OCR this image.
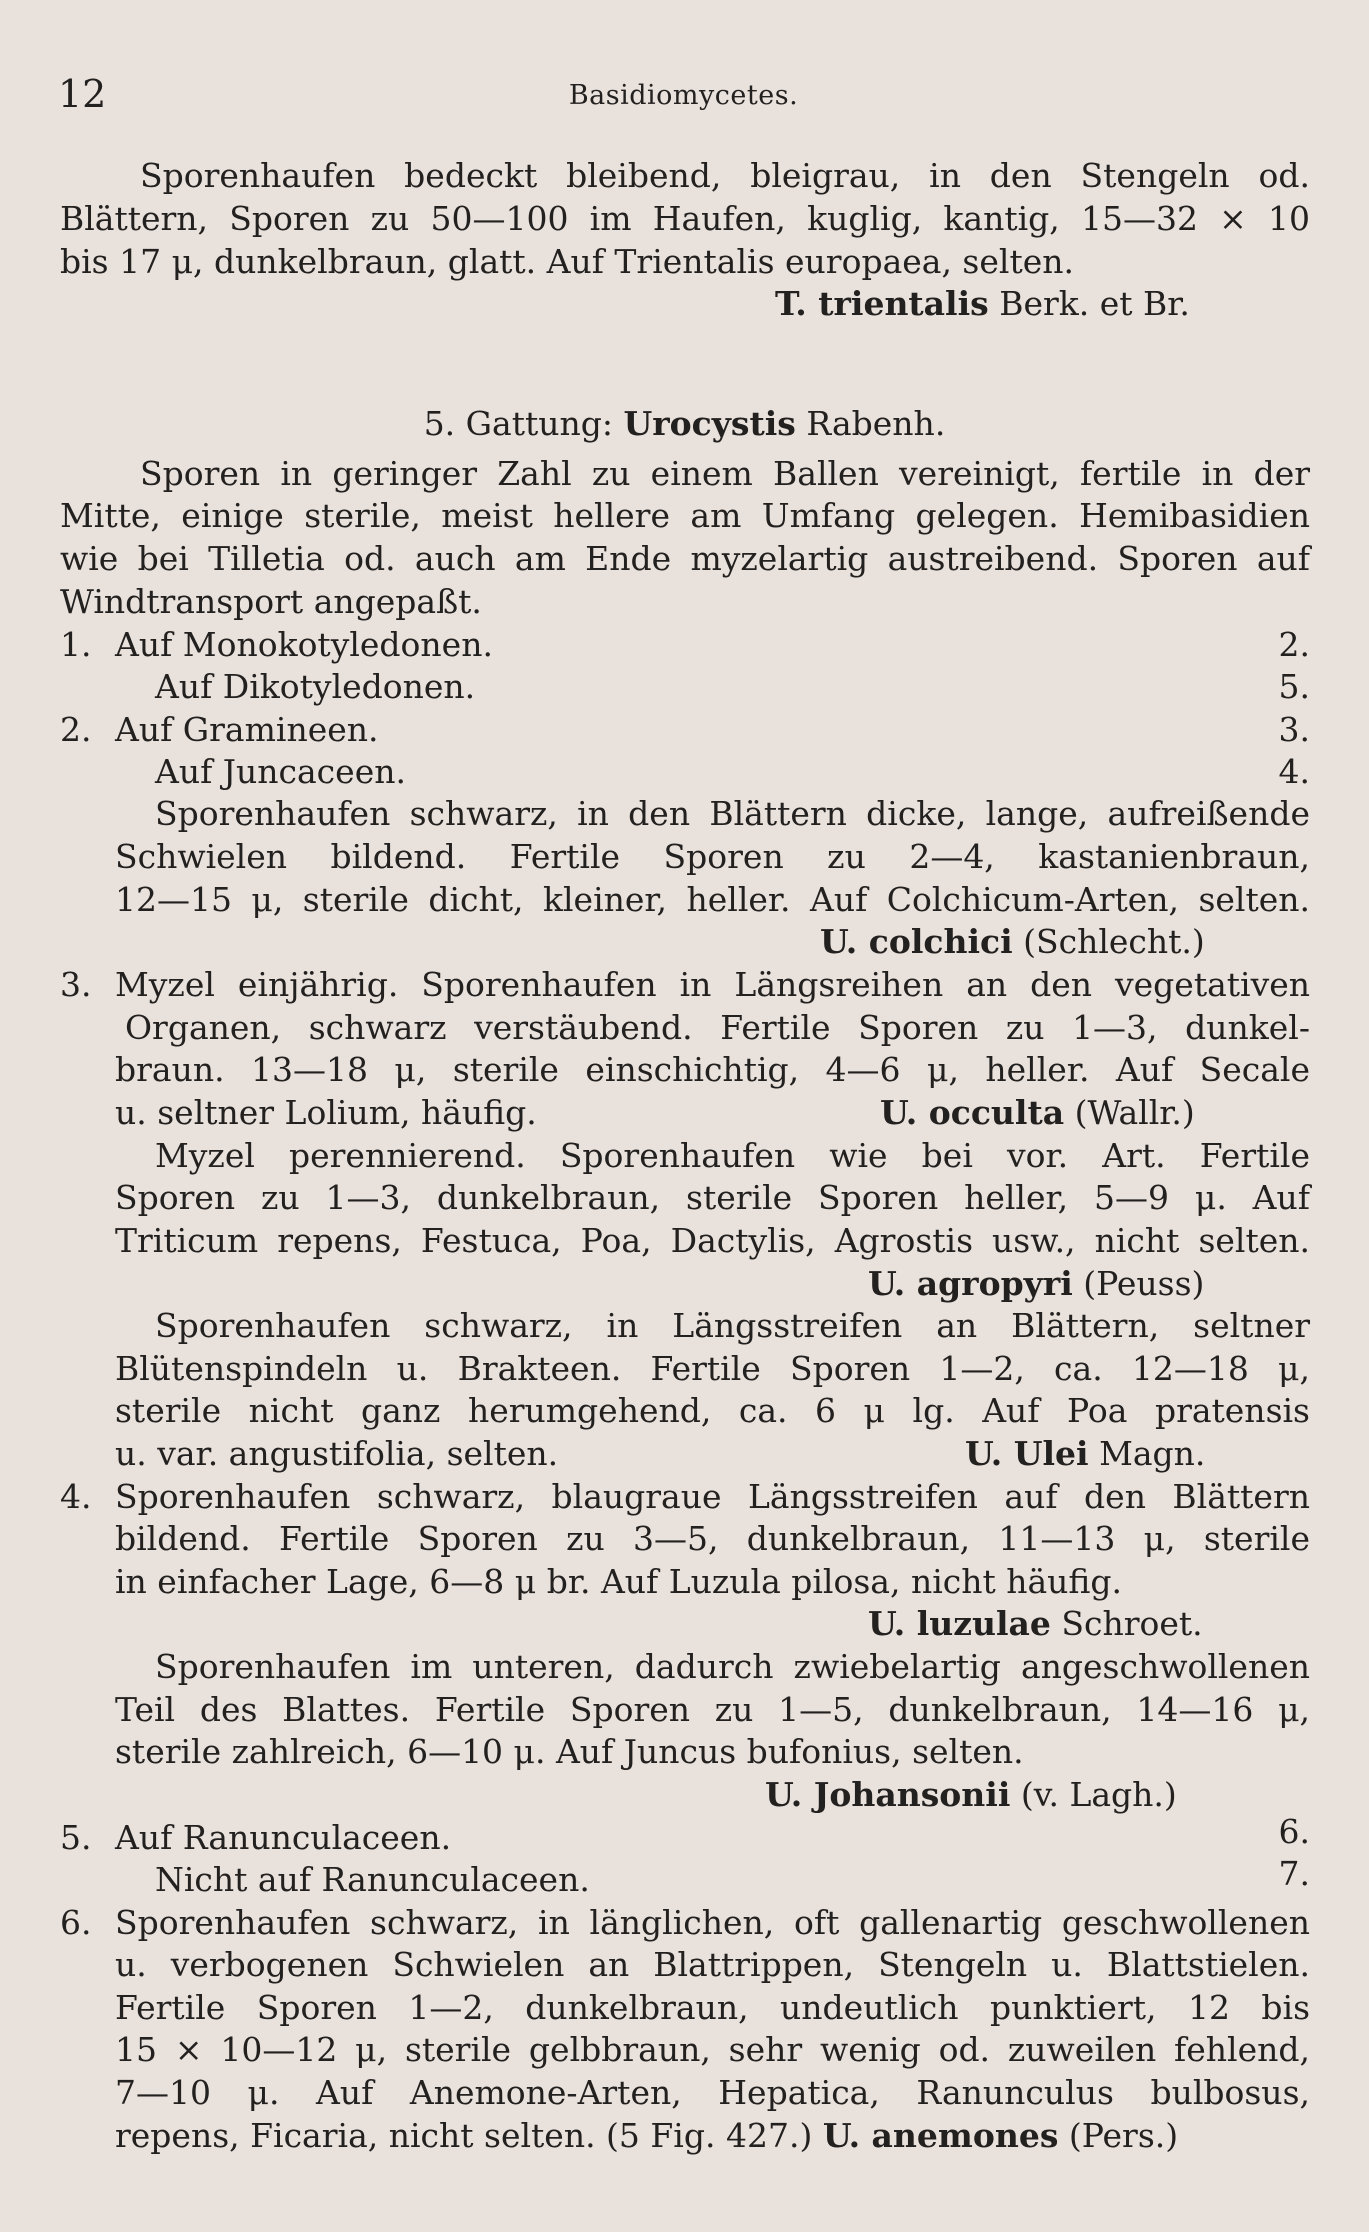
12	Basidiomycetes.
Sporenhaufen bedeckt bleibend, bleigrau, in den Stengeln od.
Blättern, Sporen zu 50—100 im Haufen, kuglig, kantig, 15—32 × 10
bis 17 μ, dunkelbraun, glatt. Auf Trientalis europaea, selten.
T. trientalis Berk. et Br.
5. Gattung: Urocystis Rabenh.
Sporen in geringer Zahl zu einem Ballen vereinigt, fertile in der
Mitte, einige sterile, meist hellere am Umfang gelegen. Hemibasidien
wie bei Tilletia od. auch am Ende myzelartig austreibend. Sporen auf
Windtransport angepaßt.
1. Auf Monokotyledonen.	2.
Auf Dikotyledonen.	5.
2. Auf Gramineen.	3.
Auf Juncaceen.	4.
Sporenhaufen schwarz, in den Blättern dicke, lange, aufreißende
Schwielen bildend. Fertile Sporen zu 2—4, kastanienbraun,
12—15 μ, sterile dicht, kleiner, heller. Auf Colchicum-Arten, selten.
U. colchici (Schlecht.)
3. Myzel einjährig. Sporenhaufen in Längsreihen an den vegetativen
Organen, schwarz verstäubend. Fertile Sporen zu 1—3, dunkel-
braun. 13—18 μ, sterile einschichtig, 4—6 μ, heller. Auf Secale
u. seltner Lolium, häufig.	U. occulta (Wallr.)
Myzel perennierend. Sporenhaufen wie bei vor. Art. Fertile
Sporen zu 1—3, dunkelbraun, sterile Sporen heller, 5—9 μ. Auf
Triticum repens, Festuca, Poa, Dactylis, Agrostis usw., nicht selten.
U. agropyri (Peuss)
Sporenhaufen schwarz, in Längsstreifen an Blättern, seltner
Blütenspindeln u. Brakteen. Fertile Sporen 1—2, ca. 12—18 μ,
sterile nicht ganz herumgehend, ca. 6 μ lg. Auf Poa pratensis
u. var. angustifolia, selten.	U. Ulei Magn.
4. Sporenhaufen schwarz, blaugraue Längsstreifen auf den Blättern
bildend. Fertile Sporen zu 3—5, dunkelbraun, 11—13 μ, sterile
in einfacher Lage, 6—8 μ br. Auf Luzula pilosa, nicht häufig.
U. luzulae Schroet.
Sporenhaufen im unteren, dadurch zwiebelartig angeschwollenen
Teil des Blattes. Fertile Sporen zu 1—5, dunkelbraun, 14—16 μ,
sterile zahlreich, 6—10 μ. Auf Juncus bufonius, selten.
U. Johansonii (v. Lagh.)
5. Auf Ranunculaceen.	6.
Nicht auf Ranunculaceen.	7.
6. Sporenhaufen schwarz, in länglichen, oft gallenartig geschwollenen
u. verbogenen Schwielen an Blattrippen, Stengeln u. Blattstielen.
Fertile Sporen 1—2, dunkelbraun, undeutlich punktiert, 12 bis
15 × 10—12 μ, sterile gelbbraun, sehr wenig od. zuweilen fehlend,
7—10 μ. Auf Anemone-Arten, Hepatica, Ranunculus bulbosus,
repens, Ficaria, nicht selten. (5 Fig. 427.) U. anemones (Pers.)
